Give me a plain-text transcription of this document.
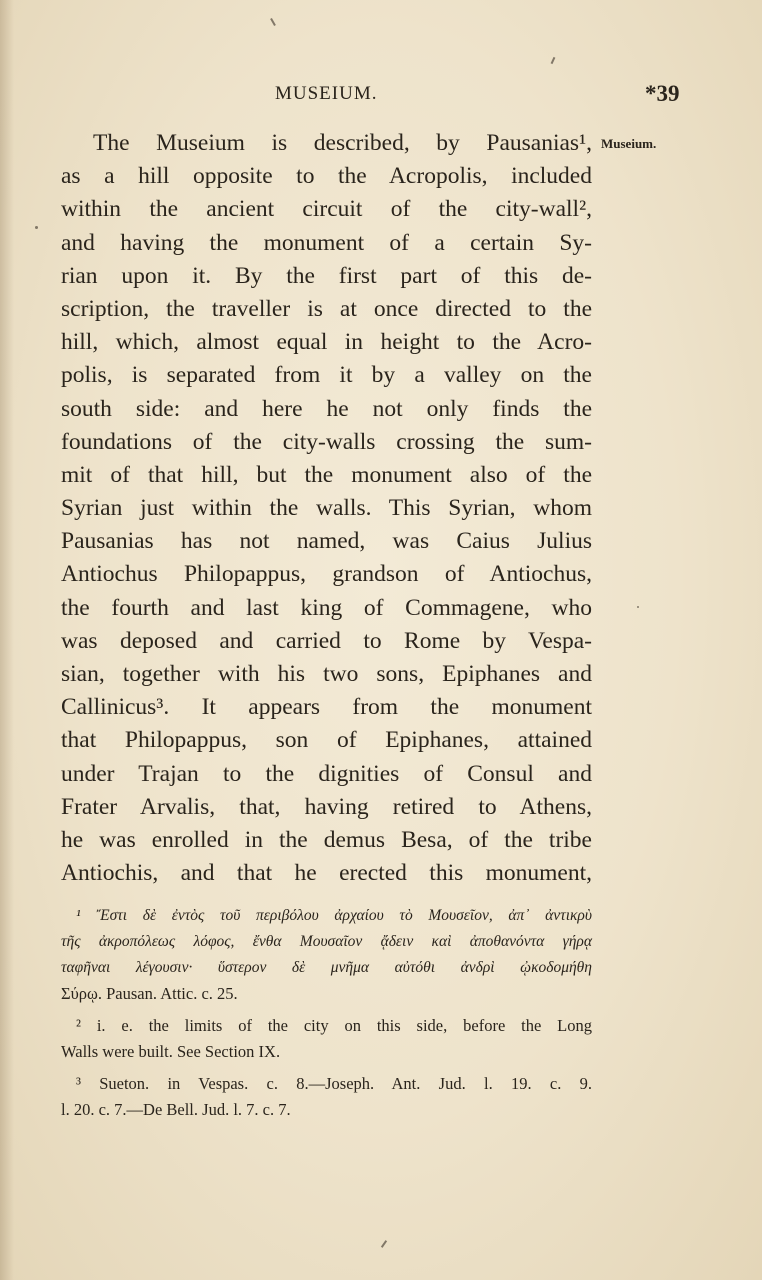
MUSEIUM.	*39
Museium.
The Museium is described, by Pausanias¹,
as a hill opposite to the Acropolis, included
within the ancient circuit of the city-wall²,
and having the monument of a certain Sy-
rian upon it. By the first part of this de-
scription, the traveller is at once directed to the
hill, which, almost equal in height to the Acro-
polis, is separated from it by a valley on the
south side: and here he not only finds the
foundations of the city-walls crossing the sum-
mit of that hill, but the monument also of the
Syrian just within the walls. This Syrian, whom
Pausanias has not named, was Caius Julius
Antiochus Philopappus, grandson of Antiochus,
the fourth and last king of Commagene, who
was deposed and carried to Rome by Vespa-
sian, together with his two sons, Epiphanes and
Callinicus³. It appears from the monument
that Philopappus, son of Epiphanes, attained
under Trajan to the dignities of Consul and
Frater Arvalis, that, having retired to Athens,
he was enrolled in the demus Besa, of the tribe
Antiochis, and that he erected this monument,
¹ Ἔστι δὲ ἐντὸς τοῦ περιβόλου ἀρχαίου τὸ Μουσεῖον, ἀπ᾽ ἀντικρὺ
τῆς ἀκροπόλεως λόφος, ἔνθα Μουσαῖον ᾄδειν καὶ ἀποθανόντα γήρᾳ
ταφῆναι λέγουσιν· ὕστερον δὲ μνῆμα αὐτόθι ἀνδρὶ ᾠκοδομήθη
Σύρῳ. Pausan. Attic. c. 25.
² i. e. the limits of the city on this side, before the Long
Walls were built. See Section IX.
³ Sueton. in Vespas. c. 8.—Joseph. Ant. Jud. l. 19. c. 9.
l. 20. c. 7.—De Bell. Jud. l. 7. c. 7.
